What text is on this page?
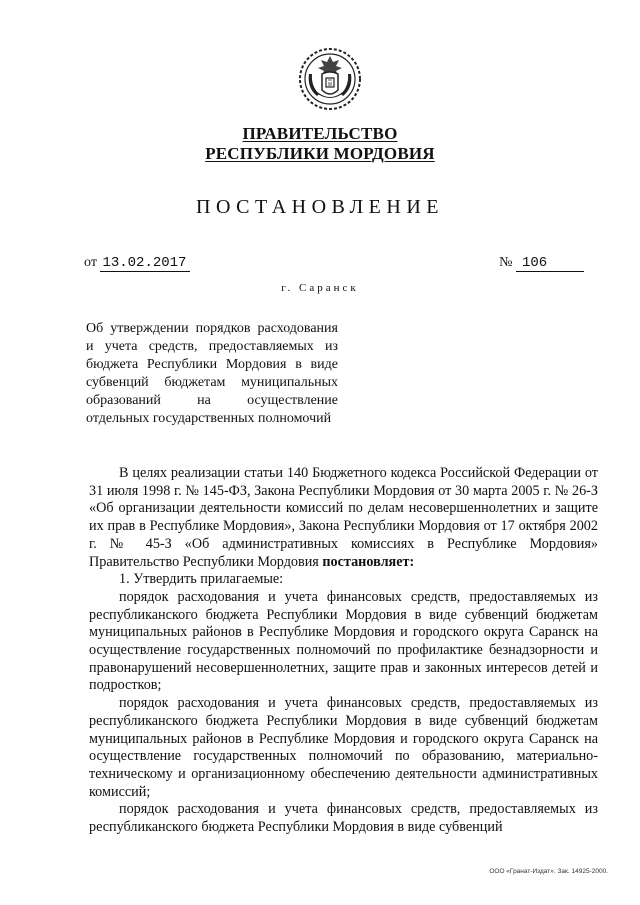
ПРАВИТЕЛЬСТВО
РЕСПУБЛИКИ МОРДОВИЯ
ПОСТАНОВЛЕНИЕ
от 13.02.2017	№ 106
г. Саранск
Об утверждении порядков расходования и учета средств, предоставляемых из бюджета Республики Мордовия в виде субвенций бюджетам муниципальных образований на осуществление отдельных государственных полномочий

В целях реализации статьи 140 Бюджетного кодекса Российской Федерации от 31 июля 1998 г. № 145-ФЗ, Закона Республики Мордовия от 30 марта 2005 г. № 26-З «Об организации деятельности комиссий по делам несовершеннолетних и защите их прав в Республике Мордовия», Закона Республики Мордовия от 17 октября 2002 г. № 45-З «Об административных комиссиях в Республике Мордовия» Правительство Республики Мордовия постановляет:

1. Утвердить прилагаемые:

порядок расходования и учета финансовых средств, предоставляемых из республиканского бюджета Республики Мордовия в виде субвенций бюджетам муниципальных районов в Республике Мордовия и городского округа Саранск на осуществление государственных полномочий по профилактике безнадзорности и правонарушений несовершеннолетних, защите прав и законных интересов детей и подростков;

порядок расходования и учета финансовых средств, предоставляемых из республиканского бюджета Республики Мордовия в виде субвенций бюджетам муниципальных районов в Республике Мордовия и городского округа Саранск на осуществление государственных полномочий по образованию, материально-техническому и организационному обеспечению деятельности административных комиссий;

порядок расходования и учета финансовых средств, предоставляемых из республиканского бюджета Республики Мордовия в виде субвенций

ООО «Гранат-Издат». Зак. 14925-2000.
